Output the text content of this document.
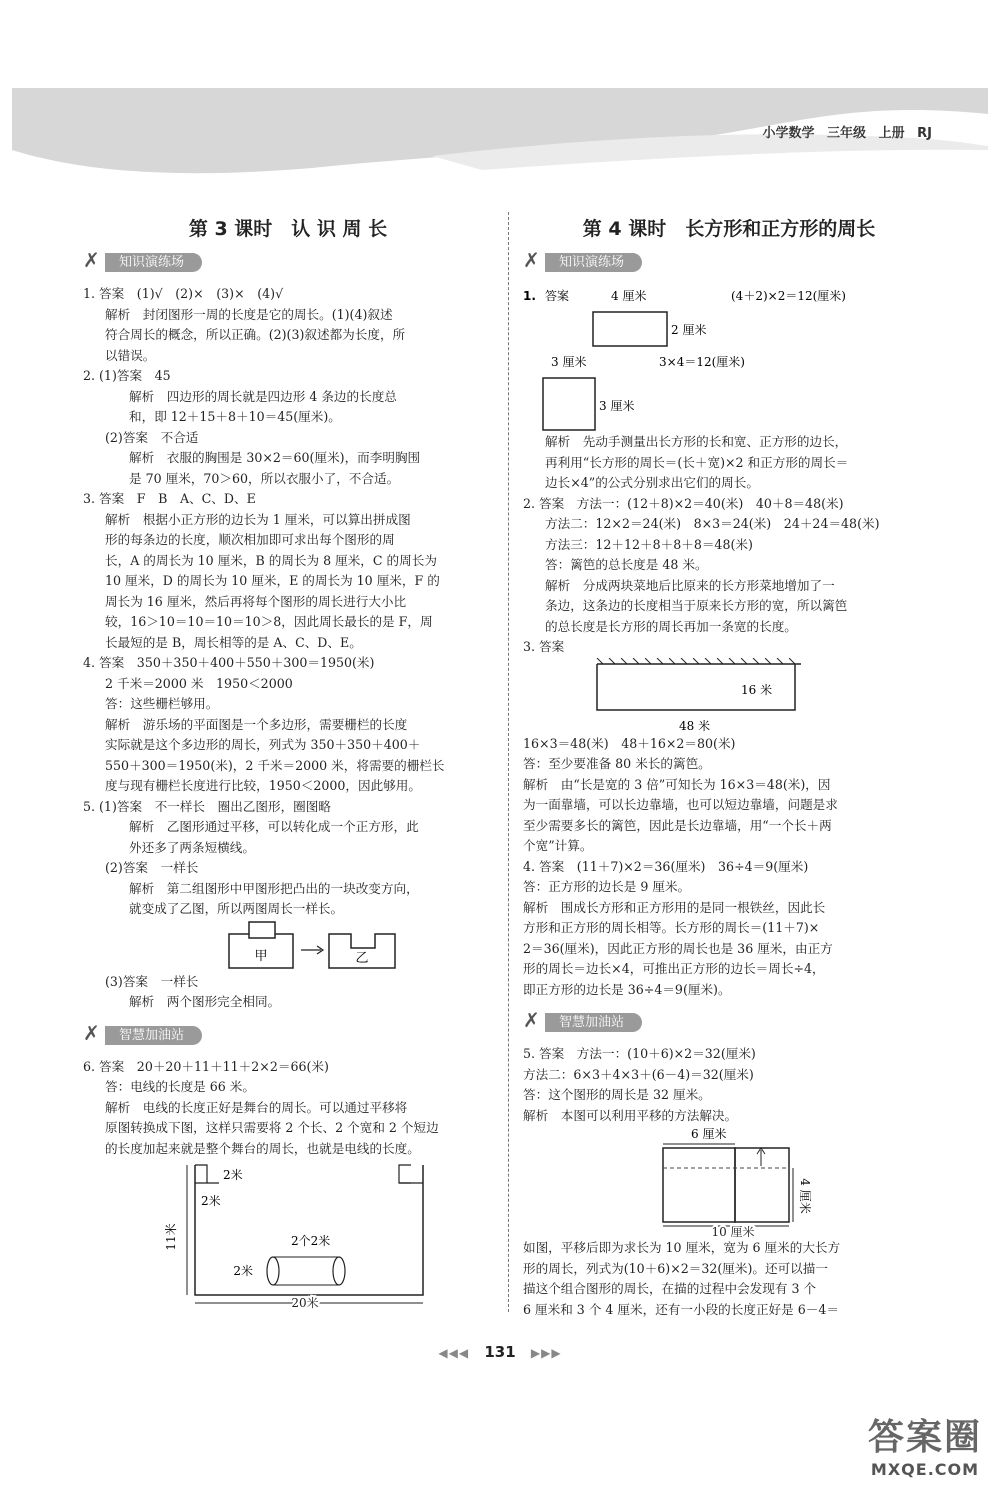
小学数学 三年级 上册 RJ
第 3 课时　认 识 周 长
✗	知识演练场

1. 答案　(1)√　(2)×　(3)×　(4)√

解析　封闭图形一周的长度是它的周长。(1)(4)叙述

符合周长的概念，所以正确。(2)(3)叙述都为长度，所

以错误。

2. (1)答案　45

解析　四边形的周长就是四边形 4 条边的长度总

和，即 12＋15＋8＋10＝45(厘米)。

(2)答案　不合适

解析　衣服的胸围是 30×2＝60(厘米)，而李明胸围

是 70 厘米，70＞60，所以衣服小了，不合适。

3. 答案　F　B　A、C、D、E

解析　根据小正方形的边长为 1 厘米，可以算出拼成图

形的每条边的长度，顺次相加即可求出每个图形的周

长，A 的周长为 10 厘米，B 的周长为 8 厘米，C 的周长为

10 厘米，D 的周长为 10 厘米，E 的周长为 10 厘米，F 的

周长为 16 厘米，然后再将每个图形的周长进行大小比

较，16＞10＝10＝10＝10＞8，因此周长最长的是 F，周

长最短的是 B，周长相等的是 A、C、D、E。

4. 答案　350＋350＋400＋550＋300＝1950(米)

2 千米＝2000 米　1950＜2000

答：这些栅栏够用。

解析　游乐场的平面图是一个多边形，需要栅栏的长度

实际就是这个多边形的周长，列式为 350＋350＋400＋

550＋300＝1950(米)，2 千米＝2000 米，将需要的栅栏长

度与现有栅栏长度进行比较，1950＜2000，因此够用。

5. (1)答案　不一样长　圈出乙图形，圈图略

解析　乙图形通过平移，可以转化成一个正方形，此

外还多了两条短横线。

(2)答案　一样长

解析　第二组图形中甲图形把凸出的一块改变方向，

就变成了乙图，所以两图周长一样长。

甲	乙

(3)答案　一样长

解析　两个图形完全相同。

✗	智慧加油站

6. 答案　20＋20＋11＋11＋2×2＝66(米)

答：电线的长度是 66 米。

解析　电线的长度正好是舞台的周长。可以通过平移将

原图转换成下图，这样只需要将 2 个长、2 个宽和 2 个短边

的长度加起来就是整个舞台的周长，也就是电线的长度。

2米
2米
11米	2个2米
2米
20米
第 4 课时　长方形和正方形的周长
✗	知识演练场
1. 答案	4 厘米	(4＋2)×2＝12(厘米)
2 厘米
3 厘米	3×4＝12(厘米)
3 厘米

解析　先动手测量出长方形的长和宽、正方形的边长，

再利用“长方形的周长＝(长＋宽)×2 和正方形的周长＝

边长×4”的公式分别求出它们的周长。

2. 答案　方法一：(12＋8)×2＝40(米)　40＋8＝48(米)

方法二：12×2＝24(米)　8×3＝24(米)　24＋24＝48(米)

方法三：12＋12＋8＋8＋8＝48(米)

答：篱笆的总长度是 48 米。

解析　分成两块菜地后比原来的长方形菜地增加了一

条边，这条边的长度相当于原来长方形的宽，所以篱笆

的总长度是长方形的周长再加一条宽的长度。

3. 答案

16 米
48 米

16×3＝48(米)　48＋16×2＝80(米)

答：至少要准备 80 米长的篱笆。

解析　由“长是宽的 3 倍”可知长为 16×3＝48(米)，因

为一面靠墙，可以长边靠墙，也可以短边靠墙，问题是求

至少需要多长的篱笆，因此是长边靠墙，用“一个长＋两

个宽”计算。

4. 答案　(11＋7)×2＝36(厘米)　36÷4＝9(厘米)

答：正方形的边长是 9 厘米。

解析　围成长方形和正方形用的是同一根铁丝，因此长

方形和正方形的周长相等。长方形的周长＝(11＋7)×

2＝36(厘米)，因此正方形的周长也是 36 厘米，由正方

形的周长＝边长×4，可推出正方形的边长＝周长÷4，

即正方形的边长是 36÷4＝9(厘米)。

✗	智慧加油站

5. 答案　方法一：(10＋6)×2＝32(厘米)

方法二：6×3＋4×3＋(6－4)＝32(厘米)

答：这个图形的周长是 32 厘米。

解析　本图可以利用平移的方法解决。

6 厘米
4 厘米
10 厘米

如图，平移后即为求长为 10 厘米，宽为 6 厘米的大长方

形的周长，列式为(10＋6)×2＝32(厘米)。还可以描一

描这个组合图形的周长，在描的过程中会发现有 3 个

6 厘米和 3 个 4 厘米，还有一小段的长度正好是 6－4＝

◀◀◀ 131 ▶▶▶
答案圈
MXQE.COM
